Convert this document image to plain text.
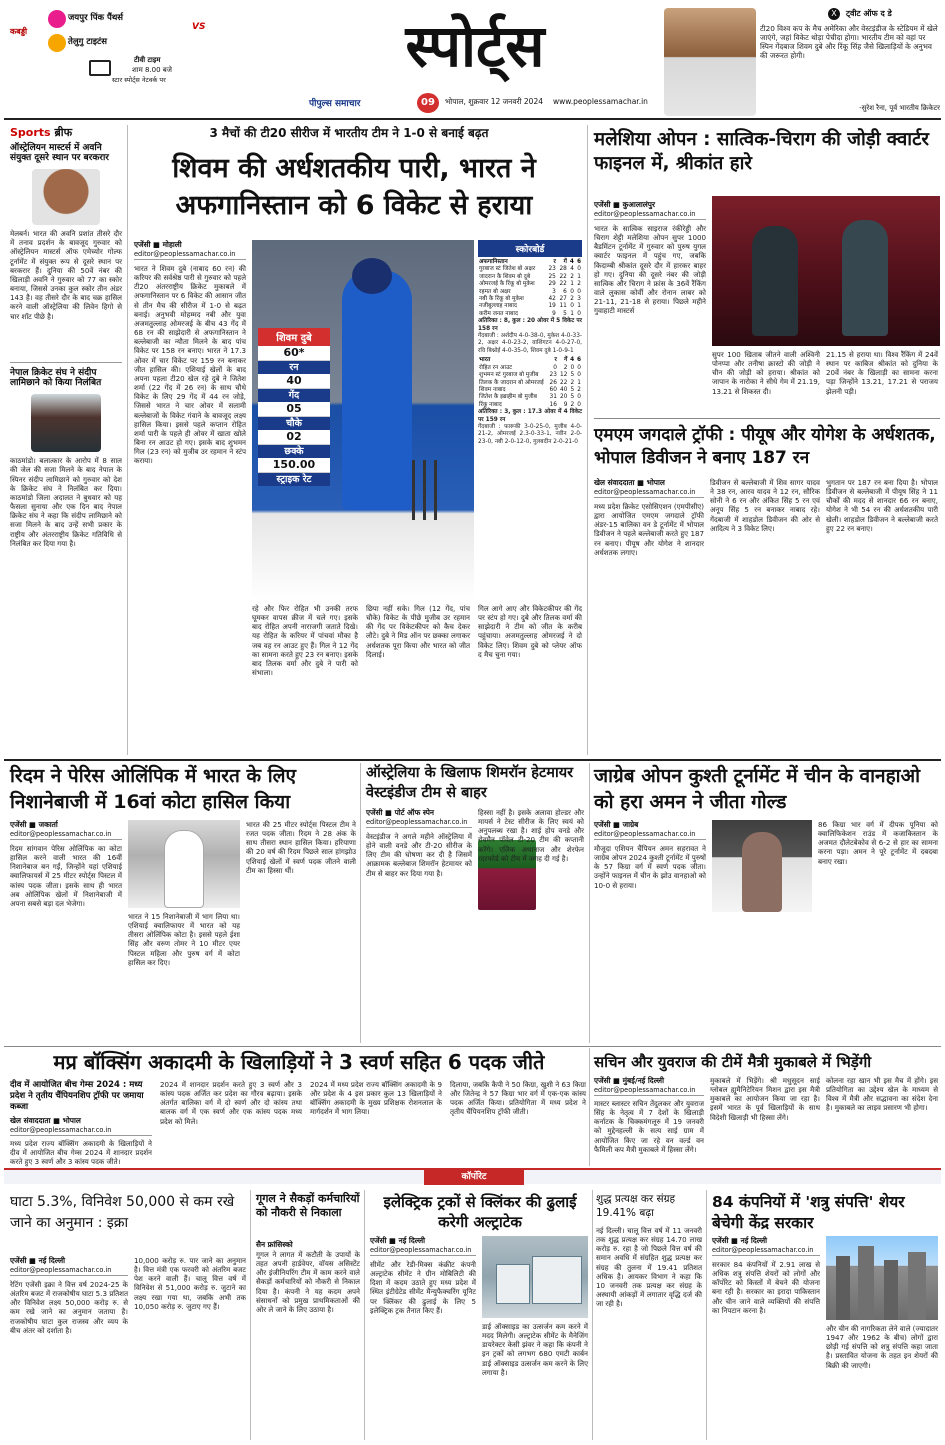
कबड्डी
जयपुर पिंक पैंथर्स
VS
तेलुगु टाइटंस
टीवी टाइम
शाम 8.00 बजे
स्टार स्पोर्ट्स नेटवर्क पर	स्पोर्ट्स
पीपुल्स समाचार	09	भोपाल, शुक्रवार 12 जनवरी 2024 www.peoplessamachar.in
X	ट्वीट ऑफ द डे
टी20 विश्व कप के मैच अमेरिका और वेस्टइंडीज के स्टेडियम में खेले जाएंगे, जहां विकेट थोड़ा पेचीदा होगा। भारतीय टीम को वहां पर स्पिन गेंदबाज शिवम दुबे और रिंकू सिंह जैसे खिलाड़ियों के अनुभव की जरूरत होगी।
-सुरेश रैना, पूर्व भारतीय क्रिकेटर
Sports ब्रीफ
ऑस्ट्रेलियन मास्टर्स में अवनि संयुक्त दूसरे स्थान पर बरकरार
मेलबर्न। भारत की अवनि प्रशांत तीसरे दौर में तनाव प्रदर्शन के बावजूद गुरुवार को ऑस्ट्रेलियन मास्टर्स ऑफ एमेच्योर गोल्फ टूर्नामेंट में संयुक्त रूप से दूसरे स्थान पर बरकरार हैं। दुनिया की 50वें नंबर की खिलाड़ी अवनि ने गुरुवार को 77 का स्कोर बनाया, जिससे उनका कुल स्कोर तीन अंडर 143 है। वह तीसरे दौर के बाद चक्र हासिल करने वाली ऑस्ट्रेलिया की लिवेन हिगो से चार शॉट पीछे है।
नेपाल क्रिकेट संघ ने संदीप लामिछाने को किया निलंबित
काठमांडो। बलात्कार के आरोप में 8 साल की जेल की सजा मिलने के बाद नेपाल के स्पिनर संदीप लामिछाने को गुरुवार को देश के क्रिकेट संघ ने निलंबित कर दिया। काठमांडो जिला अदालत ने बुधवार को यह फैसला सुनाया और एक दिन बाद नेपाल क्रिकेट संघ ने कहा कि संदीप लामिछाने को सजा मिलने के बाद उन्हें सभी प्रकार के राष्ट्रीय और अंतरराष्ट्रीय क्रिकेट गतिविधि से निलंबित कर दिया गया है।
3 मैचों की टी20 सीरीज में भारतीय टीम ने 1-0 से बनाई बढ़त
शिवम की अर्धशतकीय पारी, भारत ने अफगानिस्तान को 6 विकेट से हराया
एजेंसी ■ मोहाली
editor@peoplessamachar.co.in
भारत ने शिवम दुबे (नाबाद 60 रन) की करियर की सर्वश्रेष्ठ पारी से गुरुवार को पहले टी20 अंतरराष्ट्रीय क्रिकेट मुकाबले में अफगानिस्तान पर 6 विकेट की आसान जीत से तीन मैच की सीरीज में 1-0 से बढ़त बनाई। अनुभवी मोहम्मद नबी और युवा अजमतुल्लाह ओमरजई के बीच 43 गेंद में 68 रन की साझेदारी से अफगानिस्तान ने बल्लेबाजी का न्यौता मिलने के बाद पांच विकेट पर 158 रन बनाए। भारत ने 17.3 ओवर में चार विकेट पर 159 रन बनाकर जीत हासिल की। एशियाई खेलों के बाद अपना पहला टी20 खेल रहे दुबे ने जितेश शर्मा (22 गेंद में 26 रन) के साथ चौथे विकेट के लिए 29 गेंद में 44 रन जोड़े, जिससे भारत ने चार ओवर में सलामी बल्लेबाजों के विकेट गंवाने के बावजूद लक्ष्य हासिल किया। इससे पहले कप्तान रोहित शर्मा पारी के पहले ही ओवर में खाता खोले बिना रन आउट हो गए। इसके बाद शुभमन गिल (23 रन) को मुजीब उर रहमान ने स्टंप कराया।
शिवम दुबे
60*
रन
40
गेंद
05
चौके
02
छक्के
150.00
स्ट्राइक रेट
स्कोरबोर्ड
अफगानिस्तान	र	गें	4	6
गुरबाज स्टं जितेश बो अक्षर	23	28	4	0
जादरान कै शिवम बो दुबे	25	22	2	1
ओमरजई कै रिंकू बो मुकेश	29	22	1	2
रहमत बो अक्षर	3	6	0	0
नबी कै रिंकू बो मुकेश	42	27	2	3
नजीबुल्लाह नाबाद	19	11	0	1
करीम जनत नाबाद	9	5	1	0
अतिरिक्त : 8, कुल : 20 ओवर में 5 विकेट पर 158 रन
गेंदबाजी : अर्शदीप 4-0-38-0, मुकेश 4-0-33-2, अक्षर 4-0-23-2, वाशिंगटन 4-0-27-0, रवि बिश्नोई 4-0-35-0, शिवम दुबे 1-0-9-1
भारत	र	गें	4	6
रोहित रन आउट	0	2	0	0
शुभमन स्टं गुरबाज बो मुजीब	23	12	5	0
तिलक कै जादरान बो ओमरजई	26	22	2	1
शिवम नाबाद	60	40	5	2
जितेश कै इब्राहीम बो मुजीब	31	20	5	0
रिंकू नाबाद	16	9	2	0
अतिरिक्त : 3, कुल : 17.3 ओवर में 4 विकेट पर 159 रन
गेंदबाजी : फारूकी 3-0-25-0, मुजीब 4-0-21-2, ओमरजई 2.3-0-33-1, नवीन 2-0-23-0, नबी 2-0-12-0, गुलबदीन 2-0-21-0
रहे और फिर रोहित भी उनकी तरफ घूमकर वापस क्रीज में चले गए। इसके बाद रोहित अपनी नाराजगी जताते दिखे। यह रोहित के करियर में पांचवां मौका है जब वह रन आउट हुए हैं। गिल ने 12 गेंद का सामना करते हुए 23 रन बनाए। इसके बाद तिलक वर्मा और दुबे ने पारी को संभाला।
छिपा नहीं सके। गिल (12 गेंद, पांच चौके) विकेट के पीछे मुजीब उर रहमान की गेंद पर विकेटकीपर को कैच देकर लौटे। दुबे ने मिड ऑन पर छक्का लगाकर अर्धशतक पूरा किया और भारत को जीत दिलाई।
गिल आगे आए और विकेटकीपर की गेंद पर स्टंप हो गए। दुबे और तिलक वर्मा की साझेदारी ने टीम को जीत के करीब पहुंचाया। अजमतुल्लाह ओमरजई ने दो विकेट लिए। शिवम दुबे को प्लेयर ऑफ द मैच चुना गया।
मलेशिया ओपन : सात्विक-चिराग की जोड़ी क्वार्टर फाइनल में, श्रीकांत हारे
एजेंसी ■ कुआलालंपुर
editor@peoplessamachar.co.in
भारत के सात्विक साइराज रंकीरेड्डी और चिराग शेट्टी मलेशिया ओपन सुपर 1000 बैडमिंटन टूर्नामेंट में गुरुवार को पुरुष युगल क्वार्टर फाइनल में पहुंच गए, जबकि किदाम्बी श्रीकांत दूसरे दौर में हारकर बाहर हो गए। दुनिया की दूसरे नंबर की जोड़ी सात्विक और चिराग ने फ्रांस के 36वें रैंकिंग वाले लुकास कोर्वी और रोनान लाबर को 21-11, 21-18 से हराया। पिछले महीने गुवाहाटी मास्टर्स
सुपर 100 खिताब जीतने वाली अश्विनी पोनप्पा और तनीषा क्रास्टो की जोड़ी ने चीन की जोड़ी को हराया। श्रीकांत को जापान के नारोका ने सीधे गेम में 21.19, 13.21 से शिकस्त दी।
21.15 से हराया था। विश्व रैंकिंग में 24वें स्थान पर काबिज श्रीकांत को दुनिया के 20वें नंबर के खिलाड़ी का सामना करना पड़ा जिन्होंने 13.21, 17.21 से पराजय झेलनी पड़ी।
एमएम जगदाले ट्रॉफी : पीयूष और योगेश के अर्धशतक, भोपाल डिवीजन ने बनाए 187 रन
खेल संवाददाता ■ भोपाल
editor@peoplessamachar.co.in
मध्य प्रदेश क्रिकेट एसोसिएशन (एमपीसीए) द्वारा आयोजित एमएम जगदाले ट्रॉफी अंडर-15 बालिका वन डे टूर्नामेंट में भोपाल डिवीजन ने पहले बल्लेबाजी करते हुए 187 रन बनाए। पीयूष और योगेश ने शानदार अर्धशतक लगाए।
डिवीजन से बल्लेबाजी में शिव सागर यादव ने 38 रन, आरव यादव ने 12 रन, सौरिक सोनी ने 6 रन और अंकित सिंह 5 रन एवं अनूप सिंह 5 रन बनाकर नाबाद रहे। गेंदबाजी में शाहडोल डिवीजन की ओर से आदित्य ने 3 विकेट लिए।
भुगतान पर 187 रन बना दिया है। भोपाल डिवीजन से बल्लेबाजी में पीयूष सिंह ने 11 चौकों की मदद से शानदार 66 रन बनाए, योगेश ने भी 54 रन की अर्धशतकीय पारी खेली। शाहडोल डिवीजन ने बल्लेबाजी करते हुए 22 रन बनाए।
रिदम ने पेरिस ओलिंपिक में भारत के लिए निशानेबाजी में 16वां कोटा हासिल किया
एजेंसी ■ जकार्ता
editor@peoplessamachar.co.in
रिदम सांगवान पेरिस ओलिंपिक का कोटा हासिल करने वाली भारत की 16वीं निशानेबाज बन गईं, जिन्होंने यहां एशियाई क्वालिफायर्स में 25 मीटर स्पोर्ट्स पिस्टल में कांस्य पदक जीता। इसके साथ ही भारत अब ओलिंपिक खेलों में निशानेबाजी में अपना सबसे बड़ा दल भेजेगा।
भारत ने 15 निशानेबाजी में भाग लिया था। एशियाई क्वालिफायर में भारत को यह तीसरा ओलिंपिक कोटा है। इससे पहले ईशा सिंह और वरुण तोमर ने 10 मीटर एयर पिस्टल महिला और पुरुष वर्ग में कोटा हासिल कर दिए।
भारत की 25 मीटर स्पोर्ट्स पिस्टल टीम ने रजत पदक जीता। रिदम ने 28 अंक के साथ तीसरा स्थान हासिल किया। हरियाणा की 20 वर्ष की रिदम पिछले साल हांगझोउ एशियाई खेलों में स्वर्ण पदक जीतने वाली टीम का हिस्सा थीं।
ऑस्ट्रेलिया के खिलाफ शिमरॉन हेटमायर वेस्टइंडीज टीम से बाहर
एजेंसी ■ पोर्ट ऑफ स्पेन
editor@peoplessamachar.co.in
वेस्टइंडीज ने अगले महीने ऑस्ट्रेलिया में होने वाली वनडे और टी-20 सीरीज के लिए टीम की घोषणा कर दी है जिसमें आक्रामक बल्लेबाज शिमरॉन हेटमायर को टीम से बाहर कर दिया गया है।
हिस्सा नहीं है। इसके अलावा होल्डर और मायर्स ने टेस्ट सीरीज के लिए स्वयं को अनुपलब्ध रखा है। शाई होप वनडे और रोवमैन पॉवेल टी-20 टीम की कप्तानी करेंगे। एलिक अथानाज और शेरफेन रदरफोर्ड को टीम में जगह दी गई है।
जाग्रेब ओपन कुश्ती टूर्नामेंट में चीन के वानहाओ को हरा अमन ने जीता गोल्ड
एजेंसी ■ जाग्रेब
editor@peoplessamachar.co.in
मौजूदा एशियन चैंपियन अमन सहरावत ने जाग्रेब ओपन 2024 कुश्ती टूर्नामेंट में पुरुषों के 57 किग्रा वर्ग में स्वर्ण पदक जीता। उन्होंने फाइनल में चीन के झोउ वानहाओ को 10-0 से हराया।
86 किग्रा भार वर्ग में दीपक पूनिया को क्वालिफिकेशन राउंड में कजाकिस्तान के अजमत दौलेटबेकोव से 6-2 से हार का सामना करना पड़ा। अमन ने पूरे टूर्नामेंट में दबदबा बनाए रखा।
मप्र बॉक्सिंग अकादमी के खिलाड़ियों ने 3 स्वर्ण सहित 6 पदक जीते
दीव में आयोजित बीच गेम्स 2024 : मध्य प्रदेश ने तृतीय चैंपियनशिप ट्रॉफी पर जमाया कब्जा
खेल संवाददाता ■ भोपाल
editor@peoplessamachar.co.in
मध्य प्रदेश राज्य बॉक्सिंग अकादमी के खिलाड़ियों ने दीव में आयोजित बीच गेम्स 2024 में शानदार प्रदर्शन करते हुए 3 स्वर्ण और 3 कांस्य पदक जीते।
2024 में शानदार प्रदर्शन करते हुए 3 स्वर्ण और 3 कांस्य पदक अर्जित कर प्रदेश का गौरव बढ़ाया। इसके अंतर्गत बालिका वर्ग में दो स्वर्ण और दो कांस्य तथा बालक वर्ग में एक स्वर्ण और एक कांस्य पदक मध्य प्रदेश को मिले।
2024 में मध्य प्रदेश राज्य बॉक्सिंग अकादमी के 9 और प्रदेश के 4 इस प्रकार कुल 13 खिलाड़ियों ने बॉक्सिंग अकादमी के मुख्य प्रशिक्षक रोशनलाल के मार्गदर्शन में भाग लिया।
दिलाया, जबकि कैपी ने 50 किग्रा, खुशी ने 63 किग्रा और जितेन्द्र ने 57 किग्रा भार वर्ग में एक-एक कांस्य पदक अर्जित किया। प्रतियोगिता में मध्य प्रदेश ने तृतीय चैंपियनशिप ट्रॉफी जीती।
सचिन और युवराज की टीमें मैत्री मुकाबले में भिड़ेंगी
एजेंसी ■ मुंबई/नई दिल्ली
editor@peoplessamachar.co.in
मास्टर ब्लास्टर सचिन तेंदुलकर और युवराज सिंह के नेतृत्व में 7 देशों के खिलाड़ी कर्नाटक के चिक्कमंगलूरु में 19 जनवरी को मुद्देनहल्ली के सत्य साई ग्राम में आयोजित किए जा रहे वन वर्ल्ड वन फैमिली कप मैत्री मुकाबले में हिस्सा लेंगे।
मुकाबले में भिड़ेंगे। श्री मधुसूदन साई ग्लोबल ह्यूमैनिटेरियन मिशन द्वारा इस मैत्री मुकाबले का आयोजन किया जा रहा है। इसमें भारत के पूर्व खिलाड़ियों के साथ विदेशी खिलाड़ी भी हिस्सा लेंगे।
कोलना रहा खान भी इस मैच में होंगे। इस प्रतियोगिता का उद्देश्य खेल के माध्यम से विश्व में मैत्री और सद्भावना का संदेश देना है। मुकाबले का लाइव प्रसारण भी होगा।
कॉर्पोरेट
घाटा 5.3%, विनिवेश 50,000 से कम रखे जाने का अनुमान : इक्रा
एजेंसी ■ नई दिल्ली
editor@peoplessamachar.co.in
रेटिंग एजेंसी इक्रा ने वित्त वर्ष 2024-25 के अंतरिम बजट में राजकोषीय घाटा 5.3 प्रतिशत और विनिवेश लक्ष्य 50,000 करोड़ रु. से कम रखे जाने का अनुमान जताया है। राजकोषीय घाटा कुल राजस्व और व्यय के बीच अंतर को दर्शाता है।
10,000 करोड़ रु. पार जाने का अनुमान है। वित्त मंत्री एक फरवरी को अंतरिम बजट पेश करने वाली हैं। चालू वित्त वर्ष में विनिवेश से 51,000 करोड़ रु. जुटाने का लक्ष्य रखा गया था, जबकि अभी तक 10,050 करोड़ रु. जुटाए गए हैं।
गूगल ने सैकड़ों कर्मचारियों को नौकरी से निकाला
सैन फ्रांसिस्को
गूगल ने लागत में कटौती के उपायों के तहत अपनी हार्डवेयर, वॉयस असिस्टेंट और इंजीनियरिंग टीम में काम करने वाले सैकड़ों कर्मचारियों को नौकरी से निकाल दिया है। कंपनी ने यह कदम अपने संसाधनों को प्रमुख प्राथमिकताओं की ओर ले जाने के लिए उठाया है।
इलेक्ट्रिक ट्रकों से क्लिंकर की ढुलाई करेगी अल्ट्राटेक
एजेंसी ■ नई दिल्ली
editor@peoplessamachar.co.in
सीमेंट और रेडी-मिक्स कंक्रीट कंपनी अल्ट्राटेक सीमेंट ने ग्रीन मोबिलिटी की दिशा में कदम उठाते हुए मध्य प्रदेश में स्थित इंटीग्रेटेड सीमेंट मैन्युफैक्चरिंग यूनिट पर क्लिंकर की ढुलाई के लिए 5 इलेक्ट्रिक ट्रक तैनात किए हैं।
डाई ऑक्साइड का उत्सर्जन कम करने में मदद मिलेगी। अल्ट्राटेक सीमेंट के मैनेजिंग डायरेक्टर केसी झंवर ने कहा कि कंपनी ने इन ट्रकों को लगभग 680 एमटी कार्बन डाई ऑक्साइड उत्सर्जन कम करने के लिए लगाया है।
शुद्ध प्रत्यक्ष कर संग्रह 19.41% बढ़ा
नई दिल्ली। चालू वित्त वर्ष में 11 जनवरी तक शुद्ध प्रत्यक्ष कर संग्रह 14.70 लाख करोड़ रु. रहा है जो पिछले वित्त वर्ष की समान अवधि में संग्रहित शुद्ध प्रत्यक्ष कर संग्रह की तुलना में 19.41 प्रतिशत अधिक है। आयकर विभाग ने कहा कि 10 जनवरी तक प्रत्यक्ष कर संग्रह के अस्थायी आंकड़ों में लगातार वृद्धि दर्ज की जा रही है।
84 कंपनियों में 'शत्रु संपत्ति' शेयर बेचेगी केंद्र सरकार
एजेंसी ■ नई दिल्ली
editor@peoplessamachar.co.in
सरकार 84 कंपनियों में 2.91 लाख से अधिक शत्रु संपत्ति शेयरों को लोगों और कॉर्पोरेट को किस्तों में बेचने की योजना बना रही है। सरकार का इरादा पाकिस्तान और चीन जाने वाले व्यक्तियों की संपत्ति का निपटान करना है।
और चीन की नागरिकता लेने वाले (ज्यादातर 1947 और 1962 के बीच) लोगों द्वारा छोड़ी गई संपत्ति को शत्रु संपत्ति कहा जाता है। प्रस्तावित योजना के तहत इन शेयरों की बिक्री की जाएगी।
